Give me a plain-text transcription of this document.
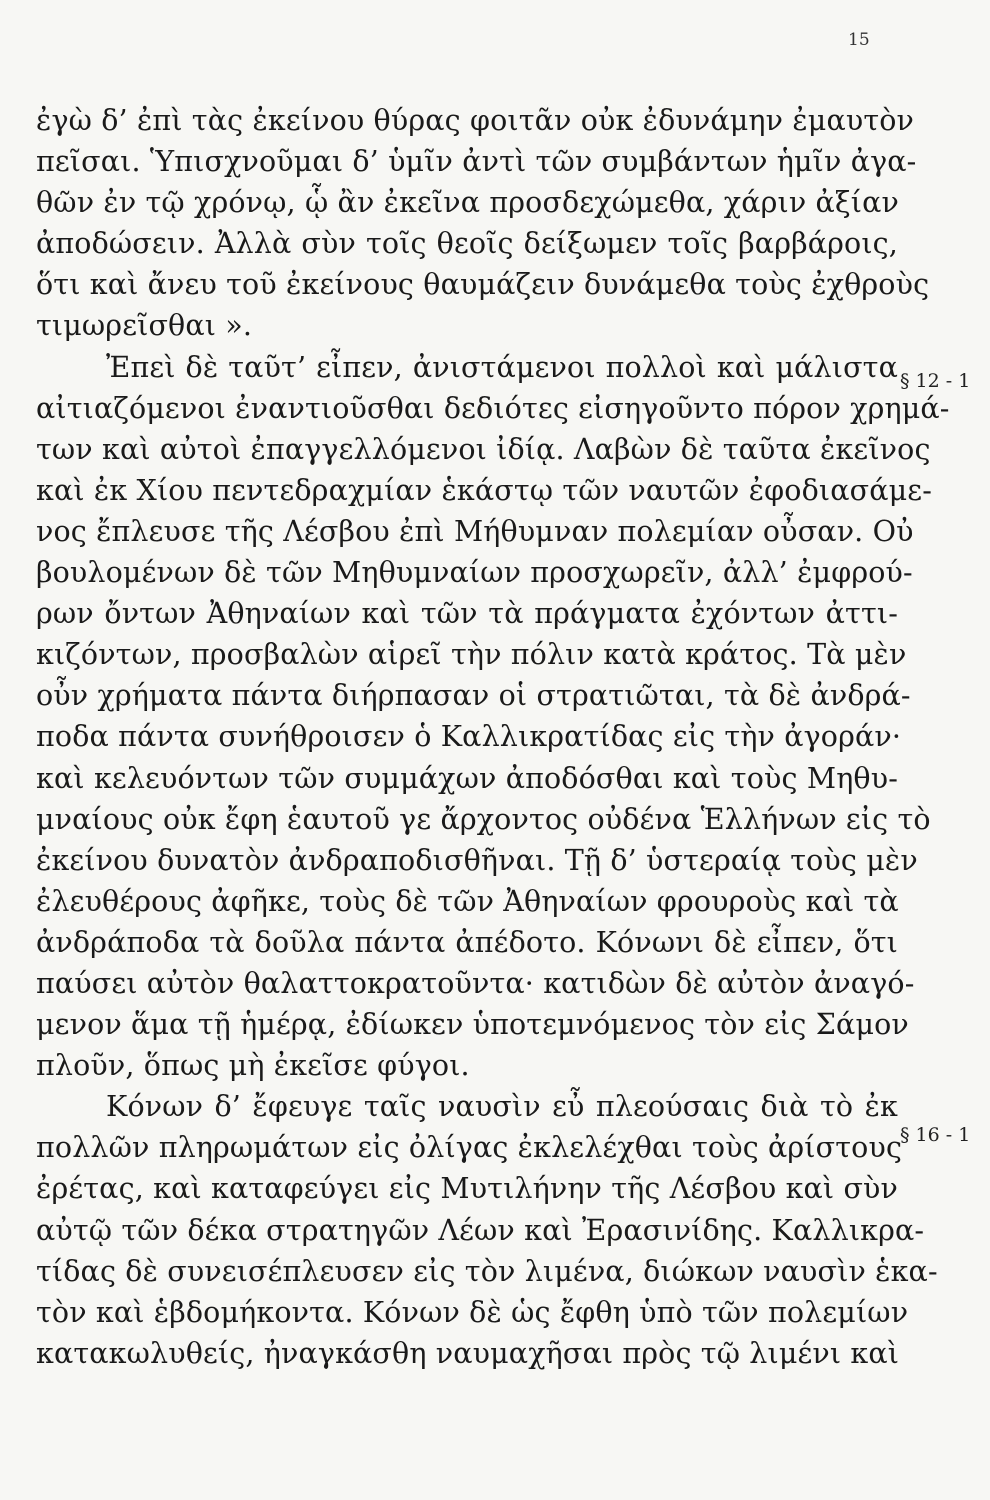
15
ἐγὼ δ’ ἐπὶ τὰς ἐκείνου θύρας φοιτᾶν οὐκ ἐδυνάμην ἐμαυτὸν
πεῖσαι. Ὑπισχνοῦμαι δ’ ὑμῖν ἀντὶ τῶν συμβάντων ἡμῖν ἀγα-
θῶν ἐν τῷ χρόνῳ, ᾧ ἂν ἐκεῖνα προσδεχώμεθα, χάριν ἀξίαν
ἀποδώσειν. Ἀλλὰ σὺν τοῖς θεοῖς δείξωμεν τοῖς βαρβάροις,
ὅτι καὶ ἄνευ τοῦ ἐκείνους θαυμάζειν δυνάμεθα τοὺς ἐχθροὺς
τιμωρεῖσθαι ».
Ἐπεὶ δὲ ταῦτ’ εἶπεν, ἀνιστάμενοι πολλοὶ καὶ μάλιστα
αἰτιαζόμενοι ἐναντιοῦσθαι δεδιότες εἰσηγοῦντο πόρον χρημά-
των καὶ αὐτοὶ ἐπαγγελλόμενοι ἰδίᾳ. Λαβὼν δὲ ταῦτα ἐκεῖνος
καὶ ἐκ Χίου πεντεδραχμίαν ἑκάστῳ τῶν ναυτῶν ἐφοδιασάμε-
νος ἔπλευσε τῆς Λέσβου ἐπὶ Μήθυμναν πολεμίαν οὖσαν. Οὐ
βουλομένων δὲ τῶν Μηθυμναίων προσχωρεῖν, ἀλλ’ ἐμφρού-
ρων ὄντων Ἀθηναίων καὶ τῶν τὰ πράγματα ἐχόντων ἀττι-
κιζόντων, προσβαλὼν αἱρεῖ τὴν πόλιν κατὰ κράτος. Τὰ μὲν
οὖν χρήματα πάντα διήρπασαν οἱ στρατιῶται, τὰ δὲ ἀνδρά-
ποδα πάντα συνήθροισεν ὁ Καλλικρατίδας εἰς τὴν ἀγοράν·
καὶ κελευόντων τῶν συμμάχων ἀποδόσθαι καὶ τοὺς Μηθυ-
μναίους οὐκ ἔφη ἑαυτοῦ γε ἄρχοντος οὐδένα Ἑλλήνων εἰς τὸ
ἐκείνου δυνατὸν ἀνδραποδισθῆναι. Τῇ δ’ ὑστεραίᾳ τοὺς μὲν
ἐλευθέρους ἀφῆκε, τοὺς δὲ τῶν Ἀθηναίων φρουροὺς καὶ τὰ
ἀνδράποδα τὰ δοῦλα πάντα ἀπέδοτο. Κόνωνι δὲ εἶπεν, ὅτι
παύσει αὐτὸν θαλαττοκρατοῦντα· κατιδὼν δὲ αὐτὸν ἀναγό-
μενον ἅμα τῇ ἡμέρᾳ, ἐδίωκεν ὑποτεμνόμενος τὸν εἰς Σάμον
πλοῦν, ὅπως μὴ ἐκεῖσε φύγοι.
Κόνων δ’ ἔφευγε ταῖς ναυσὶν εὖ πλεούσαις διὰ τὸ ἐκ
πολλῶν πληρωμάτων εἰς ὀλίγας ἐκλελέχθαι τοὺς ἀρίστους
ἐρέτας, καὶ καταφεύγει εἰς Μυτιλήνην τῆς Λέσβου καὶ σὺν
αὐτῷ τῶν δέκα στρατηγῶν Λέων καὶ Ἐρασινίδης. Καλλικρα-
τίδας δὲ συνεισέπλευσεν εἰς τὸν λιμένα, διώκων ναυσὶν ἑκα-
τὸν καὶ ἑβδομήκοντα. Κόνων δὲ ὡς ἔφθη ὑπὸ τῶν πολεμίων
κατακωλυθείς, ἠναγκάσθη ναυμαχῆσαι πρὸς τῷ λιμένι καὶ
§ 12 - 1
§ 16 - 1
